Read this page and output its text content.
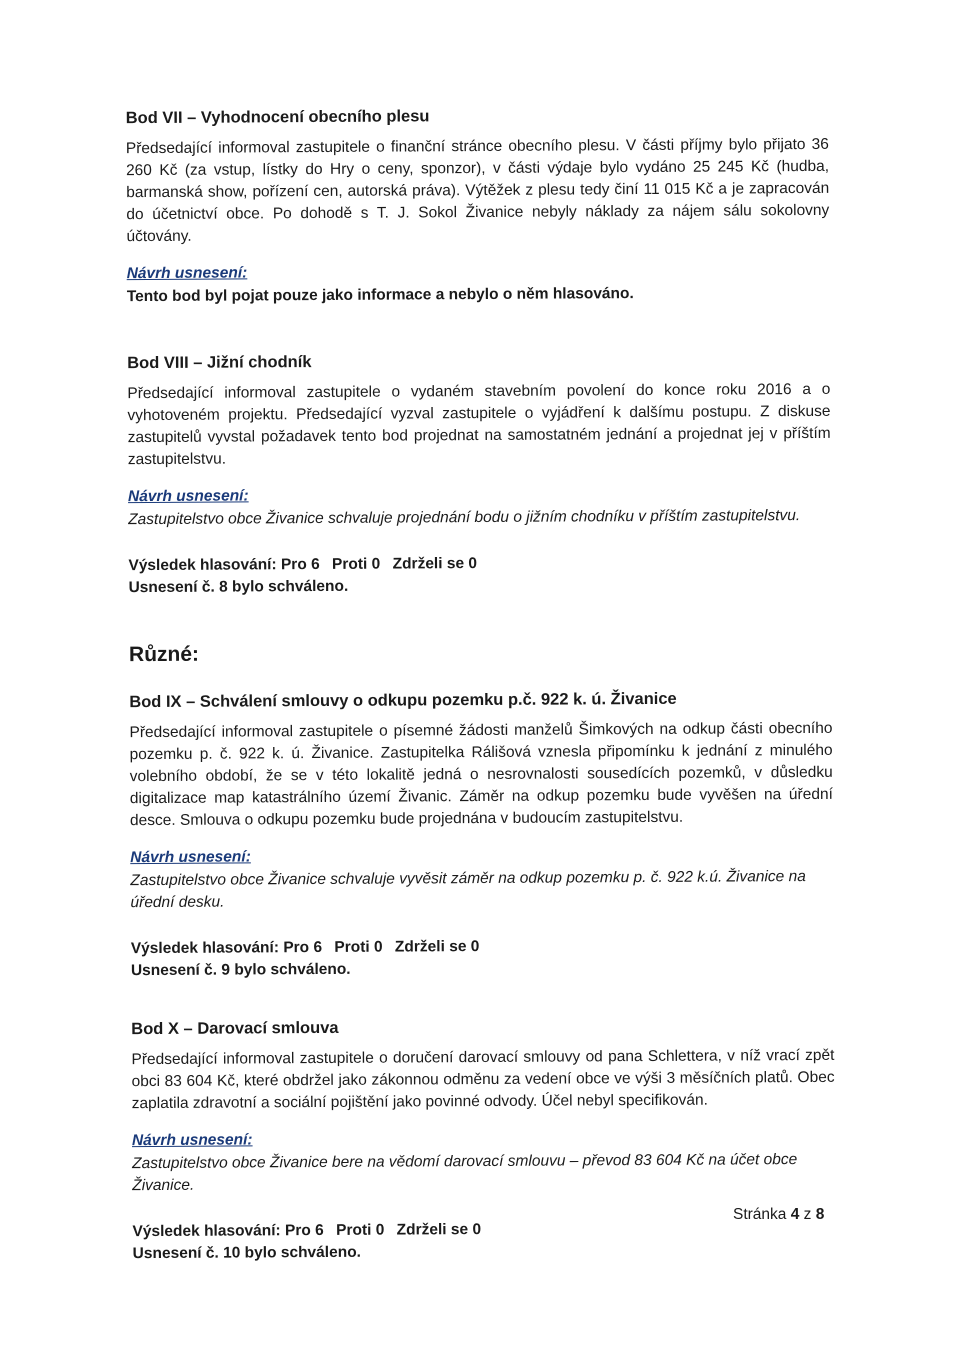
Bod VII – Vyhodnocení obecního plesu

Předsedající informoval zastupitele o finanční stránce obecního plesu. V části příjmy bylo přijato 36 260 Kč (za vstup, lístky do Hry o ceny, sponzor), v části výdaje bylo vydáno 25 245 Kč (hudba, barmanská show, pořízení cen, autorská práva). Výtěžek z plesu tedy činí 11 015 Kč a je zapracován do účetnictví obce. Po dohodě s T. J. Sokol Živanice nebyly náklady za nájem sálu sokolovny účtovány.

Návrh usnesení:

Tento bod byl pojat pouze jako informace a nebylo o něm hlasováno.

Bod VIII – Jižní chodník

Předsedající informoval zastupitele o vydaném stavebním povolení do konce roku 2016 a o vyhotoveném projektu. Předsedající vyzval zastupitele o vyjádření k dalšímu postupu. Z diskuse zastupitelů vyvstal požadavek tento bod projednat na samostatném jednání a projednat jej v příštím zastupitelstvu.

Návrh usnesení:

Zastupitelstvo obce Živanice schvaluje projednání bodu o jižním chodníku v příštím zastupitelstvu.

Výsledek hlasování: Pro 6 Proti 0 Zdrželi se 0

Usnesení č. 8 bylo schváleno.

Různé:
Bod IX – Schválení smlouvy o odkupu pozemku p.č. 922 k. ú. Živanice

Předsedající informoval zastupitele o písemné žádosti manželů Šimkových na odkup části obecního pozemku p. č. 922 k. ú. Živanice. Zastupitelka Rálišová vznesla připomínku k jednání z minulého volebního období, že se v této lokalitě jedná o nesrovnalosti sousedících pozemků, v důsledku digitalizace map katastrálního území Živanic. Záměr na odkup pozemku bude vyvěšen na úřední desce. Smlouva o odkupu pozemku bude projednána v budoucím zastupitelstvu.

Návrh usnesení:

Zastupitelstvo obce Živanice schvaluje vyvěsit záměr na odkup pozemku p. č. 922 k.ú. Živanice na úřední desku.

Výsledek hlasování: Pro 6 Proti 0 Zdrželi se 0

Usnesení č. 9 bylo schváleno.

Bod X – Darovací smlouva

Předsedající informoval zastupitele o doručení darovací smlouvy od pana Schlettera, v níž vrací zpět obci 83 604 Kč, které obdržel jako zákonnou odměnu za vedení obce ve výši 3 měsíčních platů. Obec zaplatila zdravotní a sociální pojištění jako povinné odvody. Účel nebyl specifikován.

Návrh usnesení:

Zastupitelstvo obce Živanice bere na vědomí darovací smlouvu – převod 83 604 Kč na účet obce Živanice.

Výsledek hlasování: Pro 6 Proti 0 Zdrželi se 0

Usnesení č. 10 bylo schváleno.

Stránka 4 z 8
